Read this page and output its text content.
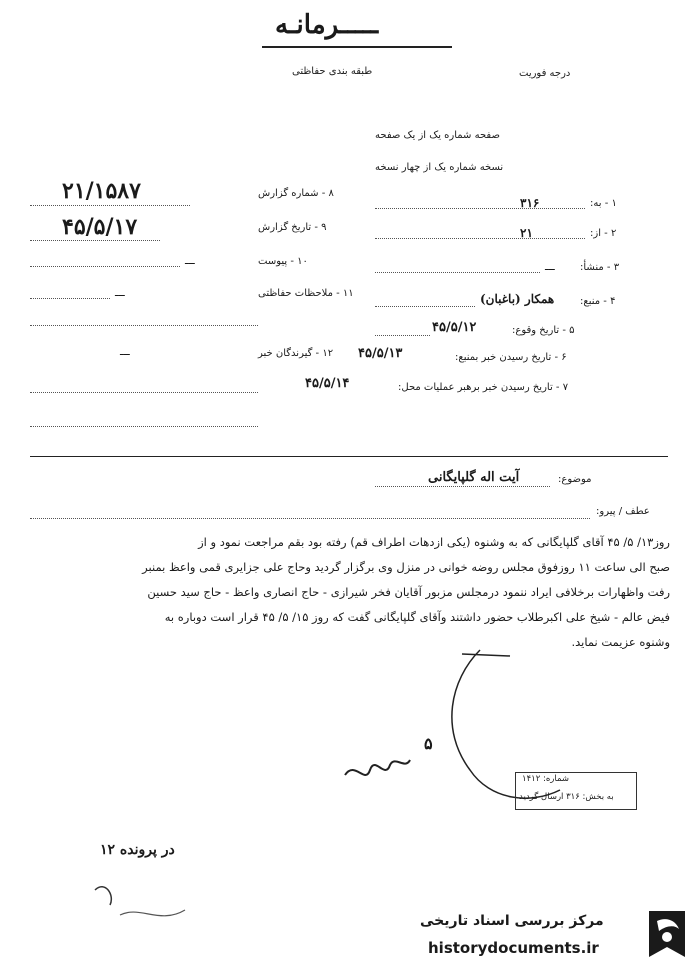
ـــــرمانـه
طبقه بندی حفاظتی	درجه فوریت
صفحه شماره یک از یک صفحه
نسخه شماره یک از چهار نسخه
۸ - شماره گزارش
۲۱/۱۵۸۷
۹ - تاریخ گزارش
۴۵/۵/۱۷
۱۰ - پیوست
ـــ
۱۱ - ملاحظات حفاظتی
ـــ
۱۲ - گیرندگان خبر
ـــ
۱ - به:
۳۱۶
۲ - از:
۲۱
۳ - منشأ:
ـــ
۴ - منبع:
همکار (باغبان)
۵ - تاریخ وقوع:
۴۵/۵/۱۲
۶ - تاریخ رسیدن خبر بمنبع:
۴۵/۵/۱۳
۷ - تاریخ رسیدن خبر برهبر عملیات محل:
۴۵/۵/۱۴
موضوع:
آیت اله گلپایگانی
عطف / پیرو:
روز۱۳/ ۵/ ۴۵ آقای گلپایگانی که به وشنوه (یکی ازدهات اطراف قم) رفته بود بقم مراجعت نمود و از
صبح الی ساعت ۱۱ روزفوق مجلس روضه خوانی در منزل وی برگزار گردید وحاج علی جزایری قمی واعظ بمنبر
رفت واظهارات برخلافی ایراد ننمود درمجلس مزبور آقایان فخر شیرازی - حاج انصاری واعظ - حاج سید حسین
فیض عالم - شیخ علی اکبرطلاب حضور داشتند وآقای گلپایگانی گفت که روز ۱۵/ ۵/ ۴۵ قرار است دوباره به
وشنوه عزیمت نماید.
۵
شماره: ۱۴۱۲
به بخش: ۳۱۶ ارسال گردید
در پرونده ۱۲
مرکز بررسی اسناد تاریخی
historydocuments.ir
